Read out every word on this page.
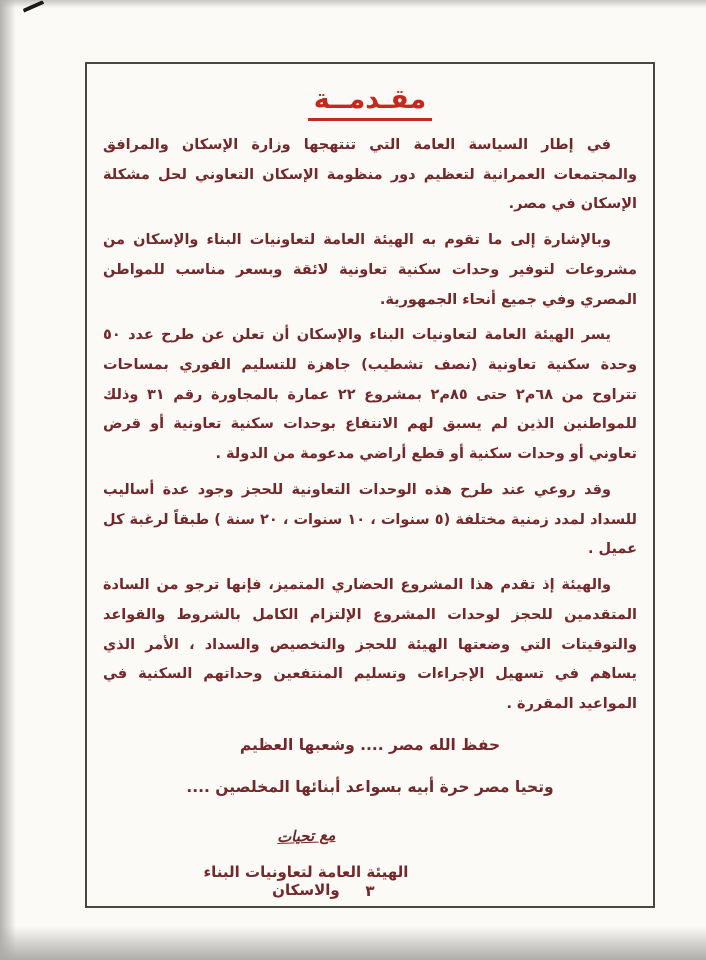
مقـدمــة

في إطار السياسة العامة التي تنتهجها وزارة الإسكان والمرافق والمجتمعات العمرانية لتعظيم دور منظومة الإسكان التعاوني لحل مشكلة الإسكان في مصر.

وبالإشارة إلى ما تقوم به الهيئة العامة لتعاونيات البناء والإسكان من مشروعات لتوفير وحدات سكنية تعاونية لائقة وبسعر مناسب للمواطن المصري وفي جميع أنحاء الجمهورية.

يسر الهيئة العامة لتعاونيات البناء والإسكان أن تعلن عن طرح عدد ٥٠ وحدة سكنية تعاونية (نصف تشطيب) جاهزة للتسليم الفوري بمساحات تتراوح من ٦٨م٢ حتى ٨٥م٢ بمشروع ٢٢ عمارة بالمجاورة رقم ٣١ وذلك للمواطنين الذين لم يسبق لهم الانتفاع بوحدات سكنية تعاونية أو قرض تعاوني أو وحدات سكنية أو قطع أراضي مدعومة من الدولة .

وقد روعي عند طرح هذه الوحدات التعاونية للحجز وجود عدة أساليب للسداد لمدد زمنية مختلفة (٥ سنوات ، ١٠ سنوات ، ٢٠ سنة ) طبقاً لرغبة كل عميل .

والهيئة إذ تقدم هذا المشروع الحضاري المتميز، فإنها ترجو من السادة المتقدمين للحجز لوحدات المشروع الإلتزام الكامل بالشروط والقواعد والتوقيتات التي وضعتها الهيئة للحجز والتخصيص والسداد ، الأمر الذي يساهم في تسهيل الإجراءات وتسليم المنتفعين وحداتهم السكنية في المواعيد المقررة .

حفظ الله مصر .... وشعبها العظيم
وتحيا مصر حرة أبيه بسواعد أبنائها المخلصين ....
مع تحيات
الهيئة العامة لتعاونيات البناء والاسكان	٣
